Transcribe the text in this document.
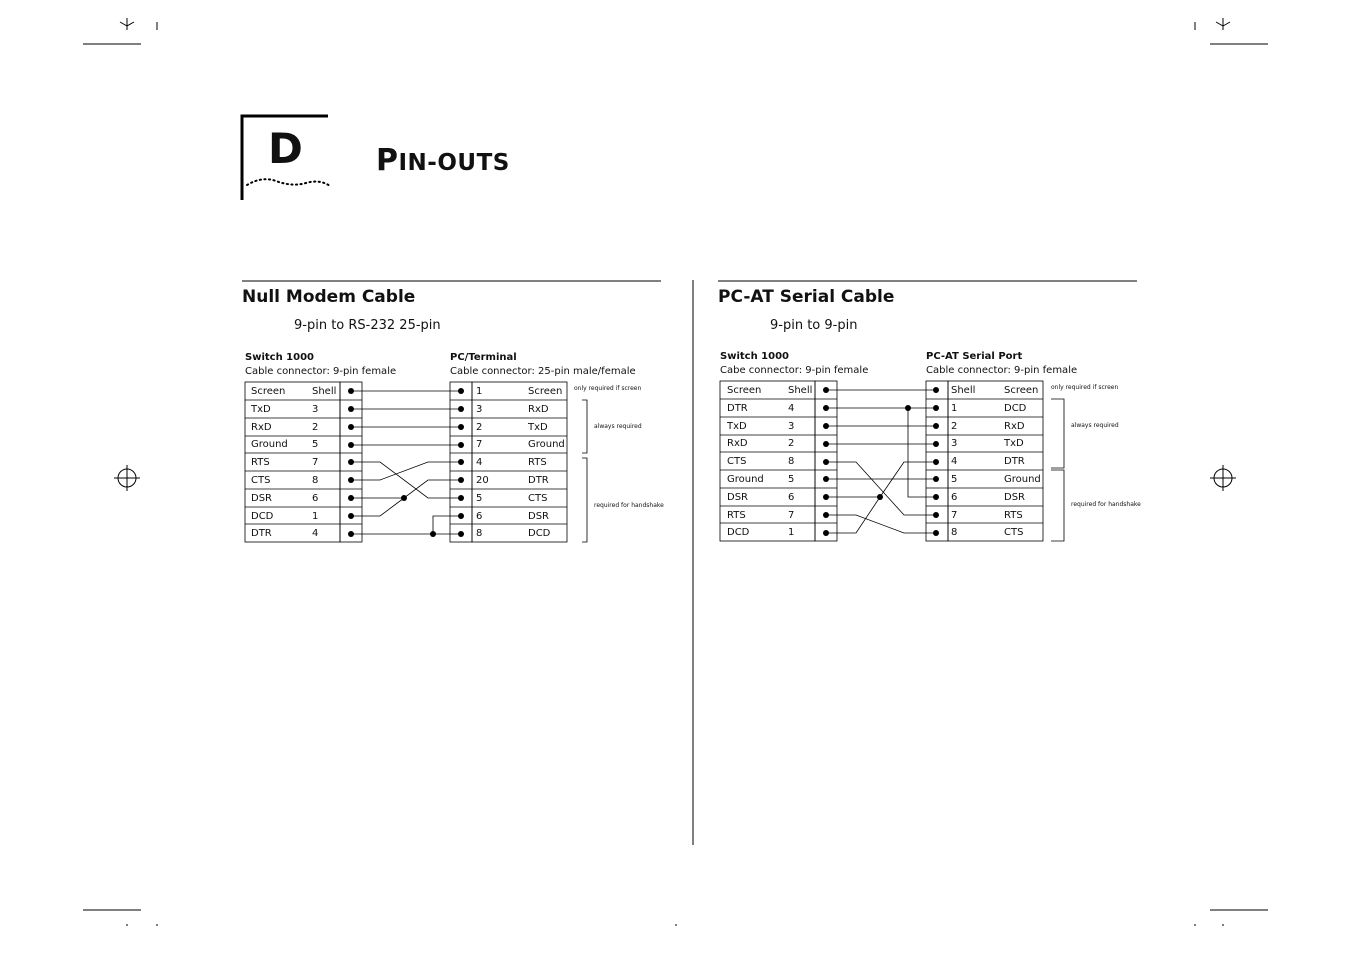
D PIN-OUTS
Null Modem Cable
9-pin to RS-232 25-pin
Switch 1000
Cable connector: 9-pin female
PC/Terminal
Cable connector: 25-pin male/female
Screen	Shell
TxD	3
RxD	2
Ground 5
RTS	7
CTS	8
DSR	6
DCD	1
DTR	4
1	Screen
3	RxD
2	TxD
7	Ground
4	RTS
20	DTR
5	CTS
6	DSR
8	DCD
only required if screen
always required
required for handshake
PC-AT Serial Cable
9-pin to 9-pin
Switch 1000
Cabe connector: 9-pin female
PC-AT Serial Port
Cable connector: 9-pin female
Screen	Shell
DTR	4
TxD	3
RxD	2
CTS	8
Ground 5
DSR	6
RTS	7
DCD	1
Shell	Screen
1	DCD
2	RxD
3	TxD
4	DTR
5	Ground
6	DSR
7	RTS
8	CTS
only required if screen
always required
required for handshake
